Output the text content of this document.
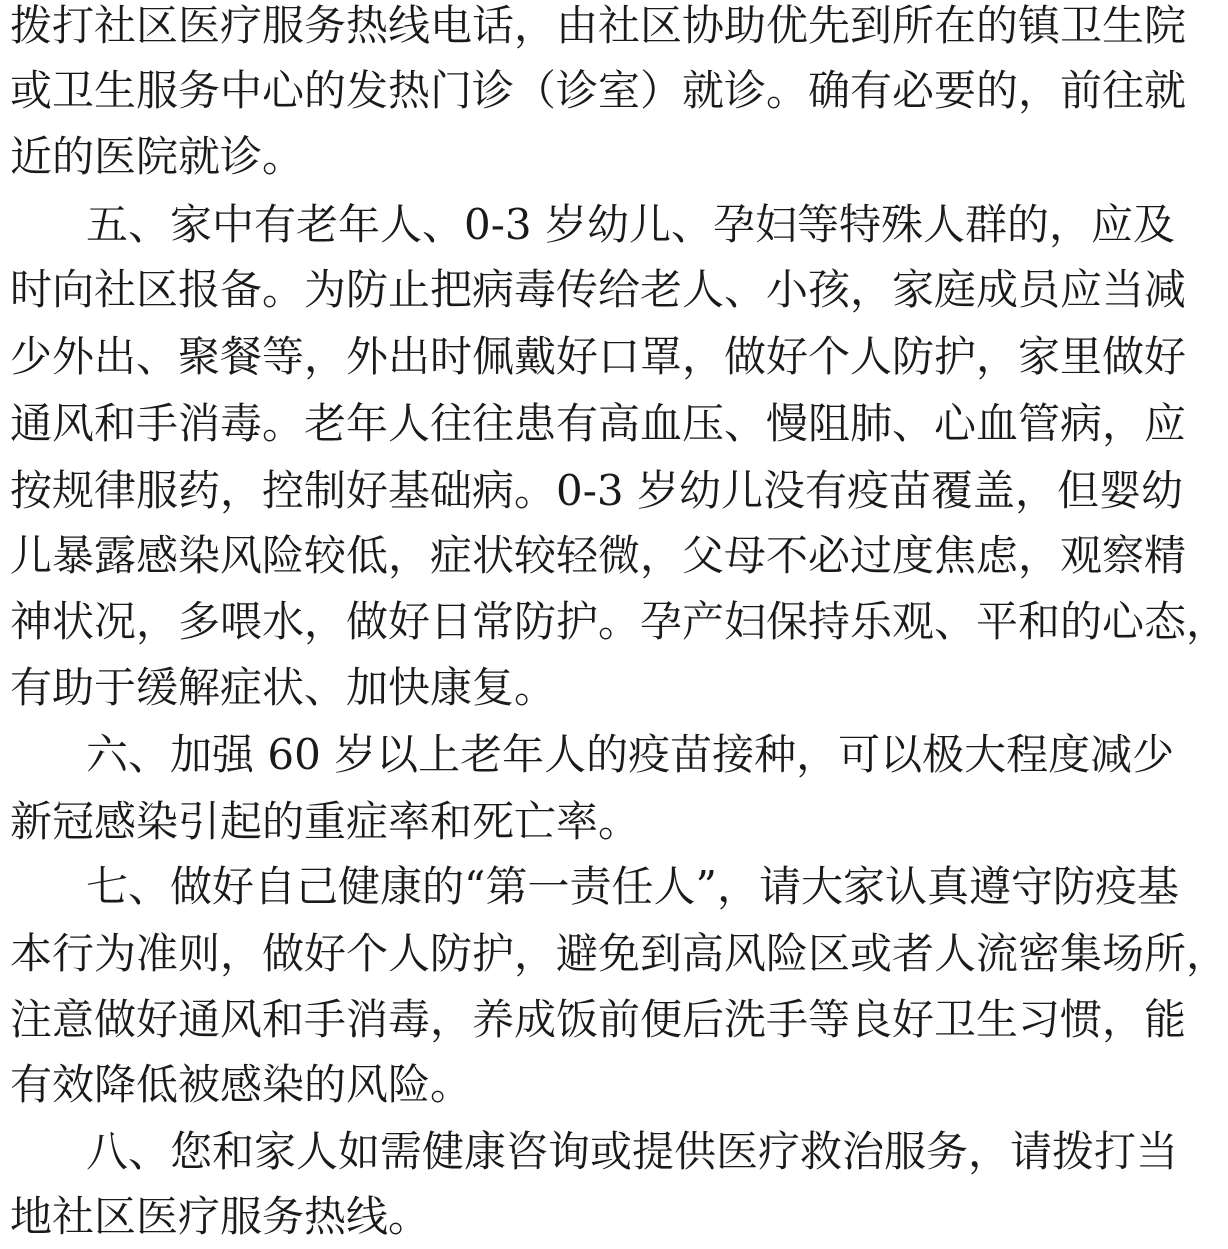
拨打社区医疗服务热线电话，由社区协助优先到所在的镇卫生院
或卫生服务中心的发热门诊（诊室）就诊。确有必要的，前往就
近的医院就诊。
五、家中有老年人、0-3 岁幼儿、孕妇等特殊人群的，应及
时向社区报备。为防止把病毒传给老人、小孩，家庭成员应当减
少外出、聚餐等，外出时佩戴好口罩，做好个人防护，家里做好
通风和手消毒。老年人往往患有高血压、慢阻肺、心血管病，应
按规律服药，控制好基础病。0-3 岁幼儿没有疫苗覆盖，但婴幼
儿暴露感染风险较低，症状较轻微，父母不必过度焦虑，观察精
神状况，多喂水，做好日常防护。孕产妇保持乐观、平和的心态，
有助于缓解症状、加快康复。
六、加强 60 岁以上老年人的疫苗接种，可以极大程度减少
新冠感染引起的重症率和死亡率。
七、做好自己健康的“第一责任人”，请大家认真遵守防疫基
本行为准则，做好个人防护，避免到高风险区或者人流密集场所，
注意做好通风和手消毒，养成饭前便后洗手等良好卫生习惯，能
有效降低被感染的风险。
八、您和家人如需健康咨询或提供医疗救治服务，请拨打当
地社区医疗服务热线。
